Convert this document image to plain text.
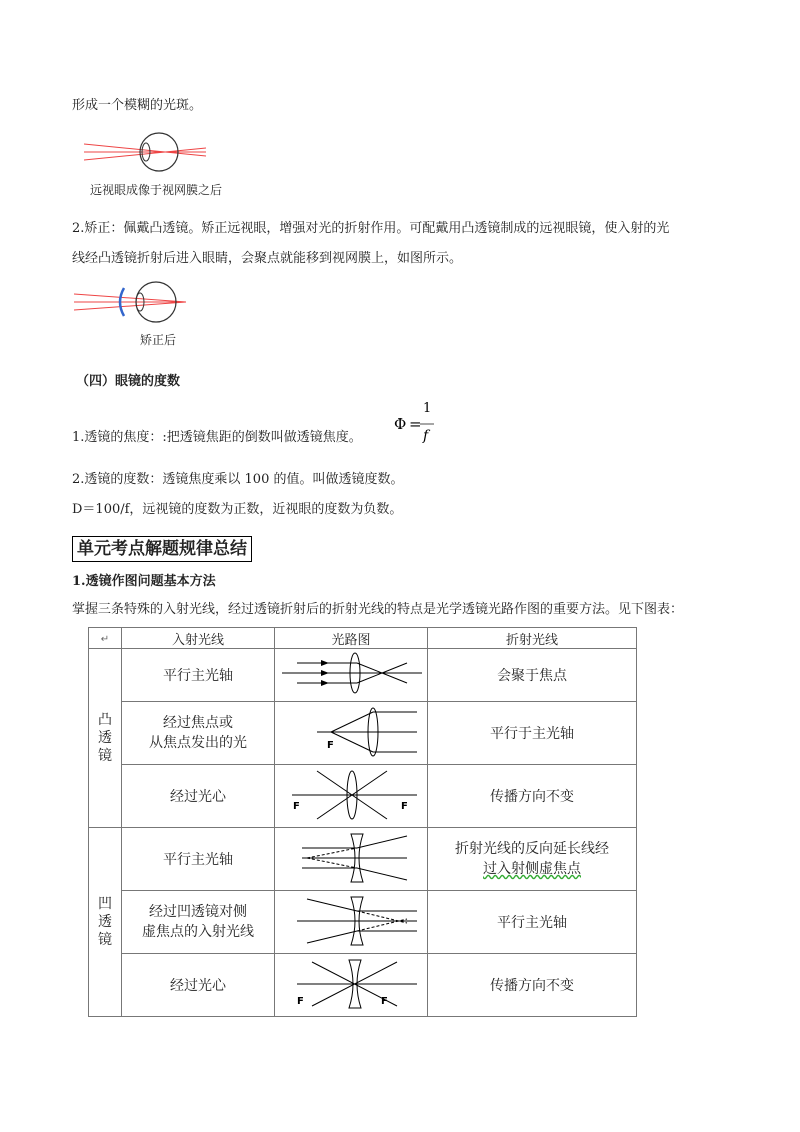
形成一个模糊的光斑。
远视眼成像于视网膜之后
2.矫正：佩戴凸透镜。矫正远视眼，增强对光的折射作用。可配戴用凸透镜制成的远视眼镜，使入射的光
线经凸透镜折射后进入眼睛，会聚点就能移到视网膜上，如图所示。
矫正后
（四）眼镜的度数
1.透镜的焦度：:把透镜焦距的倒数叫做透镜焦度。
Φ =
1
f
2.透镜的度数：透镜焦度乘以 100 的值。叫做透镜度数。
D＝100/f，远视镜的度数为正数，近视眼的度数为负数。
单元考点解题规律总结
1.透镜作图问题基本方法
掌握三条特殊的入射光线，经过透镜折射后的折射光线的特点是光学透镜光路作图的重要方法。见下图表：
↵	入射光线	光路图	折射光线
凸
透
镜	平行主光轴		会聚于焦点
	经过焦点或
从焦点发出的光	F	平行于主光轴
	经过光心	F F	传播方向不变
凹
透
镜	平行主光轴		折射光线的反向延长线经
过入射侧虚焦点
	经过凹透镜对侧
虚焦点的入射光线		平行主光轴
	经过光心	F F	传播方向不变
